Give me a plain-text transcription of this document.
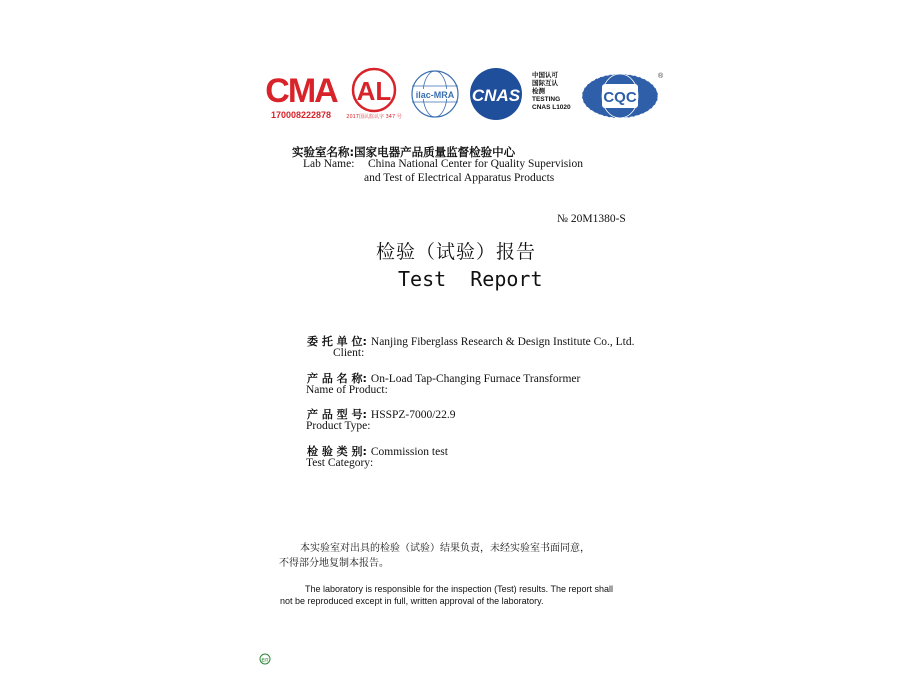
CMA
170008222878
AL
2017国认监认字 347 号
ilac-MRA CNAS
中国认可
国际互认
检测
TESTING
CNAS L1020
CQC
®
实验室名称:国家电器产品质量监督检验中心
Lab Name: China National Center for Quality Supervision
and Test of Electrical Apparatus Products
№ 20M1380-S
检验（试验）报告
Test  Report
委 托 单 位: Nanjing Fiberglass Research & Design Institute Co., Ltd.
Client:
产 品 名 称: On-Load Tap-Changing Furnace Transformer
Name of Product:
产 品 型 号: HSSPZ-7000/22.9
Product Type:
检 验 类 别: Commission test
Test Category:
本实验室对出具的检验（试验）结果负责，未经实验室书面同意，
不得部分地复制本报告。
The laboratory is responsible for the inspection (Test) results. The report shall
not be reproduced except in full, written approval of the laboratory.
EIT
